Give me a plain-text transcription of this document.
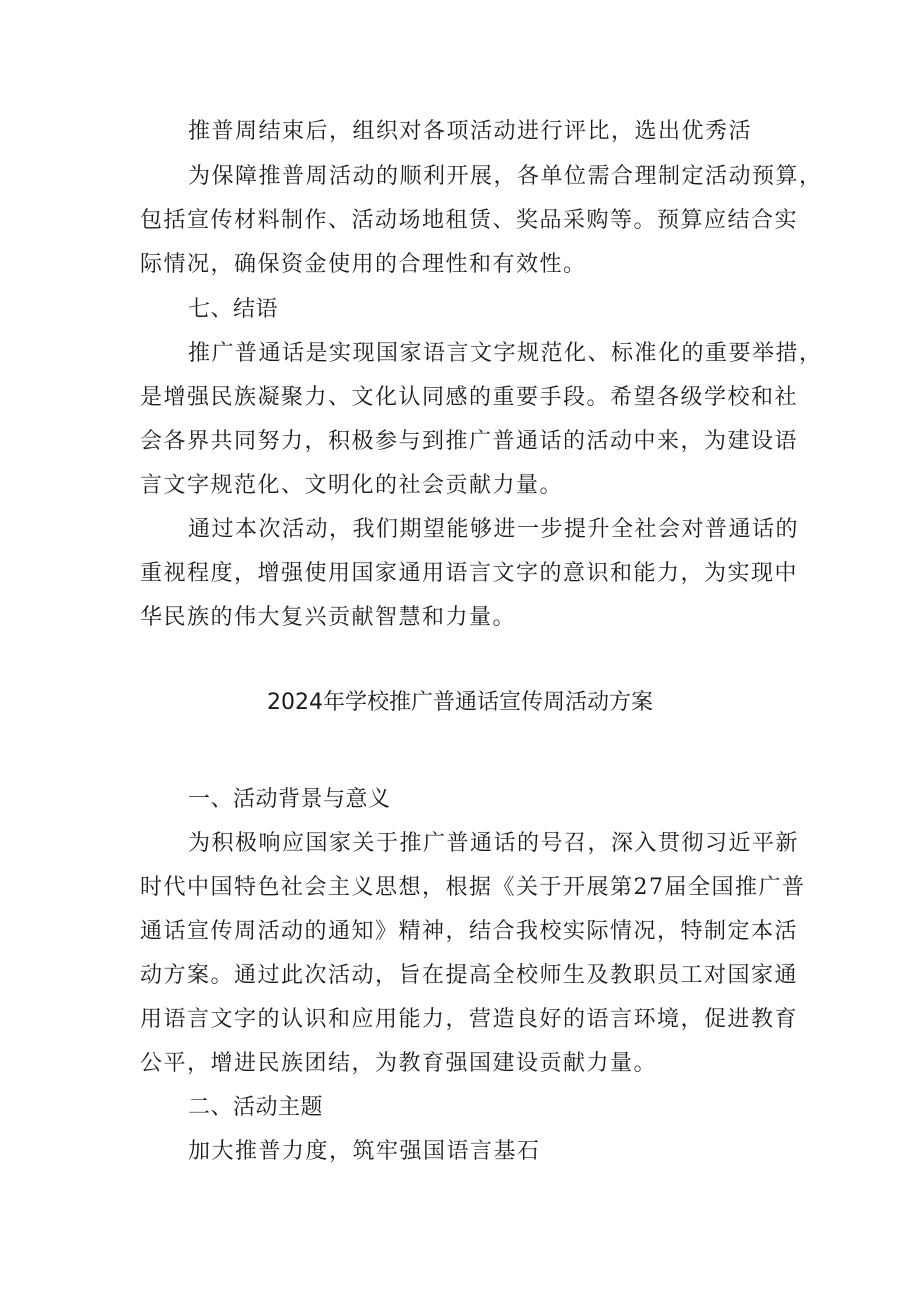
推普周结束后，组织对各项活动进行评比，选出优秀活
为保障推普周活动的顺利开展，各单位需合理制定活动预算，
包括宣传材料制作、活动场地租赁、奖品采购等。预算应结合实
际情况，确保资金使用的合理性和有效性。
七、结语
推广普通话是实现国家语言文字规范化、标准化的重要举措，
是增强民族凝聚力、文化认同感的重要手段。希望各级学校和社
会各界共同努力，积极参与到推广普通话的活动中来，为建设语
言文字规范化、文明化的社会贡献力量。
通过本次活动，我们期望能够进一步提升全社会对普通话的
重视程度，增强使用国家通用语言文字的意识和能力，为实现中
华民族的伟大复兴贡献智慧和力量。
2024年学校推广普通话宣传周活动方案
一、活动背景与意义
为积极响应国家关于推广普通话的号召，深入贯彻习近平新
时代中国特色社会主义思想，根据《关于开展第27届全国推广普
通话宣传周活动的通知》精神，结合我校实际情况，特制定本活
动方案。通过此次活动，旨在提高全校师生及教职员工对国家通
用语言文字的认识和应用能力，营造良好的语言环境，促进教育
公平，增进民族团结，为教育强国建设贡献力量。
二、活动主题
加大推普力度，筑牢强国语言基石
